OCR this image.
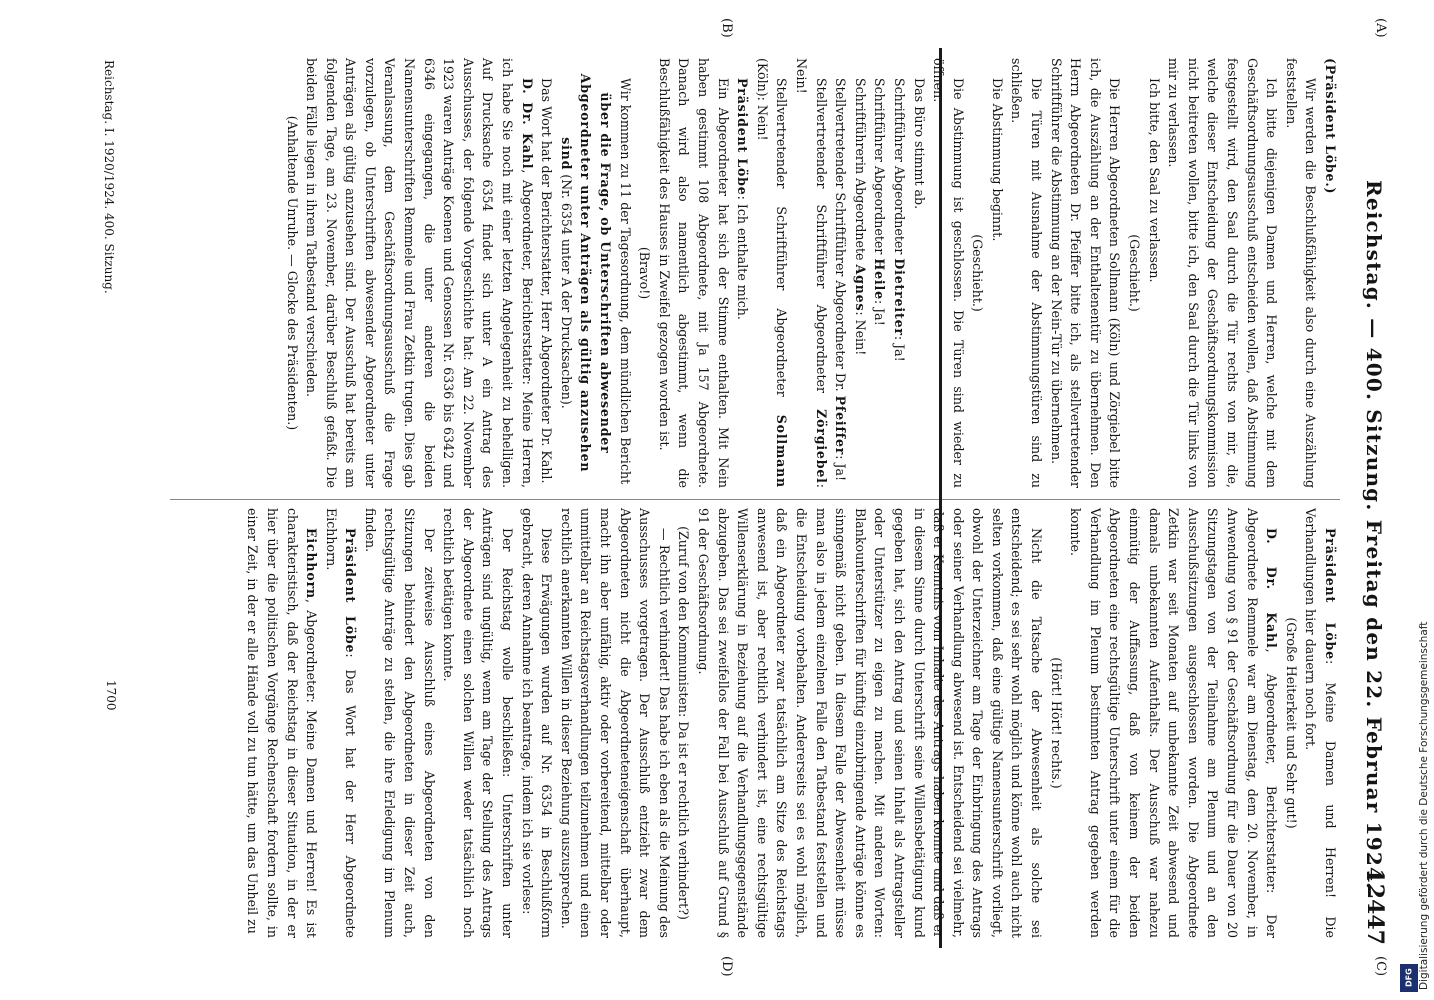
Reichstag. — 400. Sitzung. Freitag den 22. Februar 1924.
12447
(A)
(B)
(C)
(D)

(Präsident Löbe.)

Wir werden die Beschlußfähigkeit also durch eine Auszählung feststellen.

Ich bitte diejenigen Damen und Herren, welche mit dem Geschäftsordnungsausschuß entscheiden wollen, daß Abstimmung festgestellt wird, den Saal durch die Tür rechts von mir, die, welche dieser Entscheidung der Geschäftsordnungskommission nicht beitreten wollen, bitte ich, den Saal durch die Tür links von mir zu verlassen.

Ich bitte, den Saal zu verlassen.

(Geschieht.)

Die Herren Abgeordneten Sollmann (Köln) und Zörgiebel bitte ich, die Auszählung an der Enthaltenentür zu übernehmen. Den Herrn Abgeordneten Dr. Pfeiffer bitte ich, als stellvertretender Schriftführer die Abstimmung an der Nein-Tür zu übernehmen.

Die Türen mit Ausnahme der Abstimmungstüren sind zu schließen.

Die Abstimmung beginnt.

(Geschieht.)

Die Abstimmung ist geschlossen. Die Türen sind wieder zu öffnen.

Das Büro stimmt ab.

Schriftführer Abgeordneter Dietreiter: Ja!

Schriftführer Abgeordneter Heile: Ja!

Schriftführerin Abgeordnete Agnes: Nein!

Stellvertretender Schriftführer Abgeordneter Dr. Pfeiffer: Ja!

Stellvertretender Schriftführer Abgeordneter Zörgiebel: Nein!

Stellvertretender Schriftführer Abgeordneter Sollmann (Köln): Nein!

Präsident Löbe: Ich enthalte mich.

Ein Abgeordneter hat sich der Stimme enthalten. Mit Nein haben gestimmt 108 Abgeordnete, mit Ja 157 Abgeordnete. Danach wird also namentlich abgestimmt, wenn die Beschlußfähigkeit des Hauses in Zweifel gezogen worden ist.

(Bravo!)

Wir kommen zu 11 der Tagesordnung, dem mündlichen Bericht

über die Frage, ob Unterschriften abwesender Abgeordneter unter Anträgen als gültig anzusehen sind (Nr. 6354 unter A der Drucksachen).

Das Wort hat der Berichterstatter, Herr Abgeordneter Dr. Kahl.

D. Dr. Kahl, Abgeordneter, Berichterstatter: Meine Herren, ich habe Sie noch mit einer letzten Angelegenheit zu behelligen. Auf Drucksache 6354 findet sich unter A ein Antrag des Ausschusses, der folgende Vorgeschichte hat: Am 22. November 1923 waren Anträge Koenen und Genossen Nr. 6336 bis 6342 und 6346 eingegangen, die unter anderen die beiden Namensunterschriften Remmele und Frau Zetkin trugen. Dies gab Veranlassung, dem Geschäftsordnungsausschuß die Frage vorzulegen, ob Unterschriften abwesender Abgeordneter unter Anträgen als gültig anzusehen sind. Der Ausschuß hat bereits am folgenden Tage, am 23. November, darüber Beschluß gefaßt. Die beiden Fälle liegen in ihrem Tatbestand verschieden.

(Anhaltende Unruhe. — Glocke des Präsidenten.)

Präsident Löbe: Meine Damen und Herren! Die Verhandlungen hier dauern noch fort.

(Große Heiterkeit und Sehr gut!)

D. Dr. Kahl, Abgeordneter, Berichterstatter: Der Abgeordnete Remmele war am Dienstag, dem 20. November, in Anwendung von § 91 der Geschäftsordnung für die Dauer von 20 Sitzungstagen von der Teilnahme am Plenum und an den Ausschußsitzungen ausgeschlossen worden. Die Abgeordnete Zetkin war seit Monaten auf unbekannte Zeit abwesend und damals unbekannten Aufenthalts. Der Ausschuß war nahezu einmütig der Auffassung, daß von keinem der beiden Abgeordneten eine rechtsgültige Unterschrift unter einem für die Verhandlung im Plenum bestimmten Antrag gegeben werden konnte.

(Hört! Hört! rechts.)

Nicht die Tatsache der Abwesenheit als solche sei entscheidend; es sei sehr wohl möglich und könne wohl auch nicht selten vorkommen, daß eine gültige Namensunterschrift vorliegt, obwohl der Unterzeichner am Tage der Einbringung des Antrags oder seiner Verhandlung abwesend ist. Entscheidend sei vielmehr, daß er Kenntnis vom Inhalte des Antrags haben konnte und daß er in diesem Sinne durch Unterschrift seine Willensbetätigung kund gegeben hat, sich den Antrag und seinen Inhalt als Antragsteller oder Unterstützer zu eigen zu machen. Mit anderen Worten: Blankounterschriften für künftig einzubringende Anträge könne es sinngemäß nicht geben. In diesem Falle der Abwesenheit müsse man also in jedem einzelnen Falle den Tatbestand feststellen und die Entscheidung vorbehalten. Andererseits sei es wohl möglich, daß ein Abgeordneter zwar tatsächlich am Sitze des Reichstags anwesend ist, aber rechtlich verhindert ist, eine rechtsgültige Willenserklärung in Beziehung auf die Verhandlungsgegenstände abzugeben. Das sei zweifellos der Fall bei Ausschluß auf Grund § 91 der Geschäftsordnung.

(Zuruf von den Kommunisten: Da ist er rechtlich verhindert?)

— Rechtlich verhindert! Das habe ich eben als die Meinung des Ausschusses vorgetragen. Der Ausschluß entzieht zwar dem Abgeordneten nicht die Abgeordneteneigenschaft überhaupt, macht ihn aber unfähig, aktiv oder vorbereitend, mittelbar oder unmittelbar an Reichstagsverhandlungen teilzunehmen und einen rechtlich anerkannten Willen in dieser Beziehung auszusprechen.

Diese Erwägungen wurden auf Nr. 6354 in Beschlußform gebracht, deren Annahme ich beantrage, indem ich sie vorlese:

Der Reichstag wolle beschließen: Unterschriften unter Anträgen sind ungültig, wenn am Tage der Stellung des Antrags der Abgeordnete einen solchen Willen weder tatsächlich noch rechtlich betätigen konnte.

Der zeitweise Ausschluß eines Abgeordneten von den Sitzungen behindert den Abgeordneten in dieser Zeit auch, rechtsgültige Anträge zu stellen, die ihre Erledigung im Plenum finden.

Präsident Löbe: Das Wort hat der Herr Abgeordnete Eichhorn.

Eichhorn, Abgeordneter: Meine Damen und Herren! Es ist charakteristisch, daß der Reichstag in dieser Situation, in der er hier über die politischen Vorgänge Rechenschaft fordern sollte, in einer Zeit, in der er alle Hände voll zu tun hätte, um das Unheil zu

Reichstag. I. 1920/1924. 400. Sitzung.
1700	Digitalisierung gefördert durch die Deutsche Forschungsgemeinschaft
DFG
